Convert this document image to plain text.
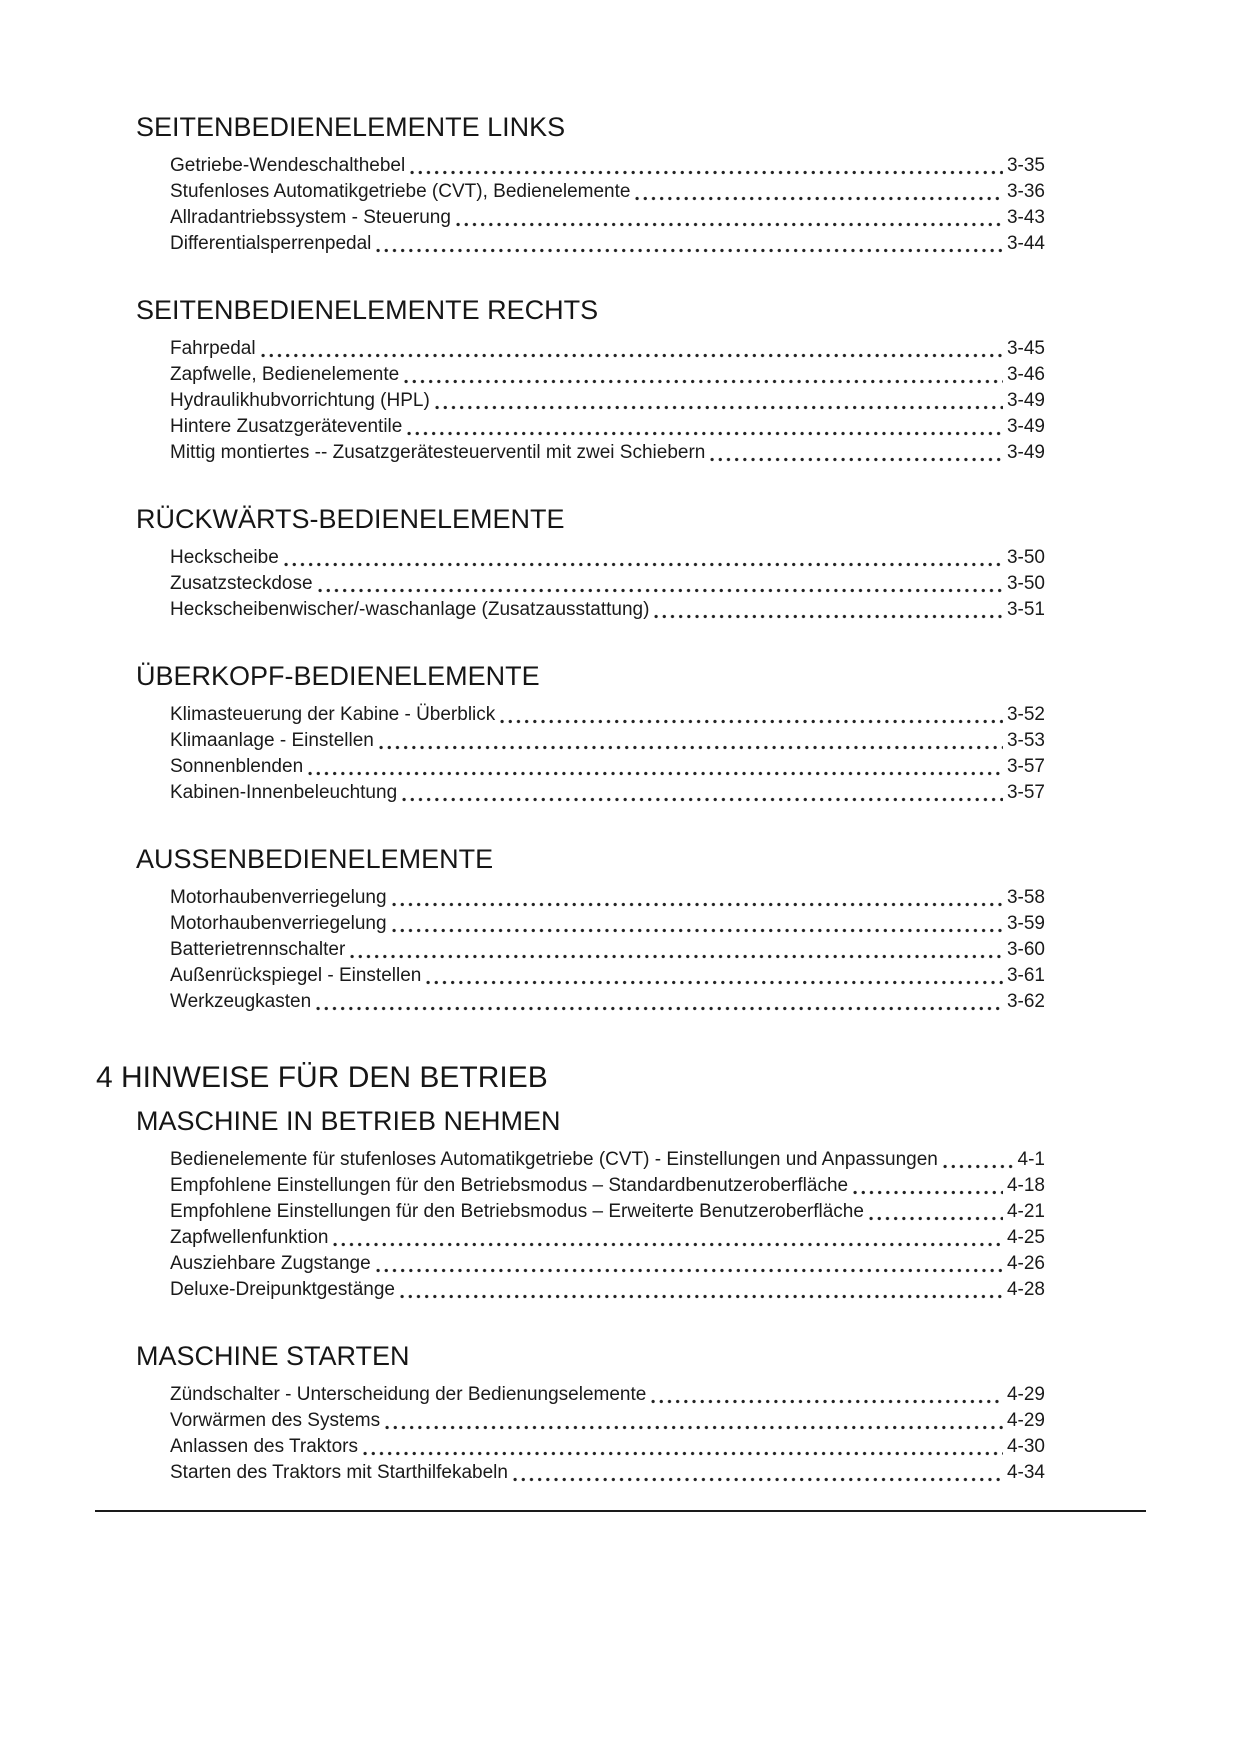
SEITENBEDIENELEMENTE LINKS
Getriebe-Wendeschalthebel	3-35
Stufenloses Automatikgetriebe (CVT), Bedienelemente	3-36
Allradantriebssystem - Steuerung	3-43
Differentialsperrenpedal	3-44
SEITENBEDIENELEMENTE RECHTS
Fahrpedal	3-45
Zapfwelle, Bedienelemente	3-46
Hydraulikhubvorrichtung (HPL)	3-49
Hintere Zusatzgeräteventile	3-49
Mittig montiertes -- Zusatzgerätesteuerventil mit zwei Schiebern	3-49
RÜCKWÄRTS-BEDIENELEMENTE
Heckscheibe	3-50
Zusatzsteckdose	3-50
Heckscheibenwischer/-waschanlage (Zusatzausstattung)	3-51
ÜBERKOPF-BEDIENELEMENTE
Klimasteuerung der Kabine - Überblick	3-52
Klimaanlage - Einstellen	3-53
Sonnenblenden	3-57
Kabinen-Innenbeleuchtung	3-57
AUSSENBEDIENELEMENTE
Motorhaubenverriegelung	3-58
Motorhaubenverriegelung	3-59
Batterietrennschalter	3-60
Außenrückspiegel - Einstellen	3-61
Werkzeugkasten	3-62
4 HINWEISE FÜR DEN BETRIEB
MASCHINE IN BETRIEB NEHMEN
Bedienelemente für stufenloses Automatikgetriebe (CVT) - Einstellungen und Anpassungen	4-1
Empfohlene Einstellungen für den Betriebsmodus – Standardbenutzeroberfläche	4-18
Empfohlene Einstellungen für den Betriebsmodus – Erweiterte Benutzeroberfläche	4-21
Zapfwellenfunktion	4-25
Ausziehbare Zugstange	4-26
Deluxe-Dreipunktgestänge	4-28
MASCHINE STARTEN
Zündschalter - Unterscheidung der Bedienungselemente	4-29
Vorwärmen des Systems	4-29
Anlassen des Traktors	4-30
Starten des Traktors mit Starthilfekabeln	4-34
